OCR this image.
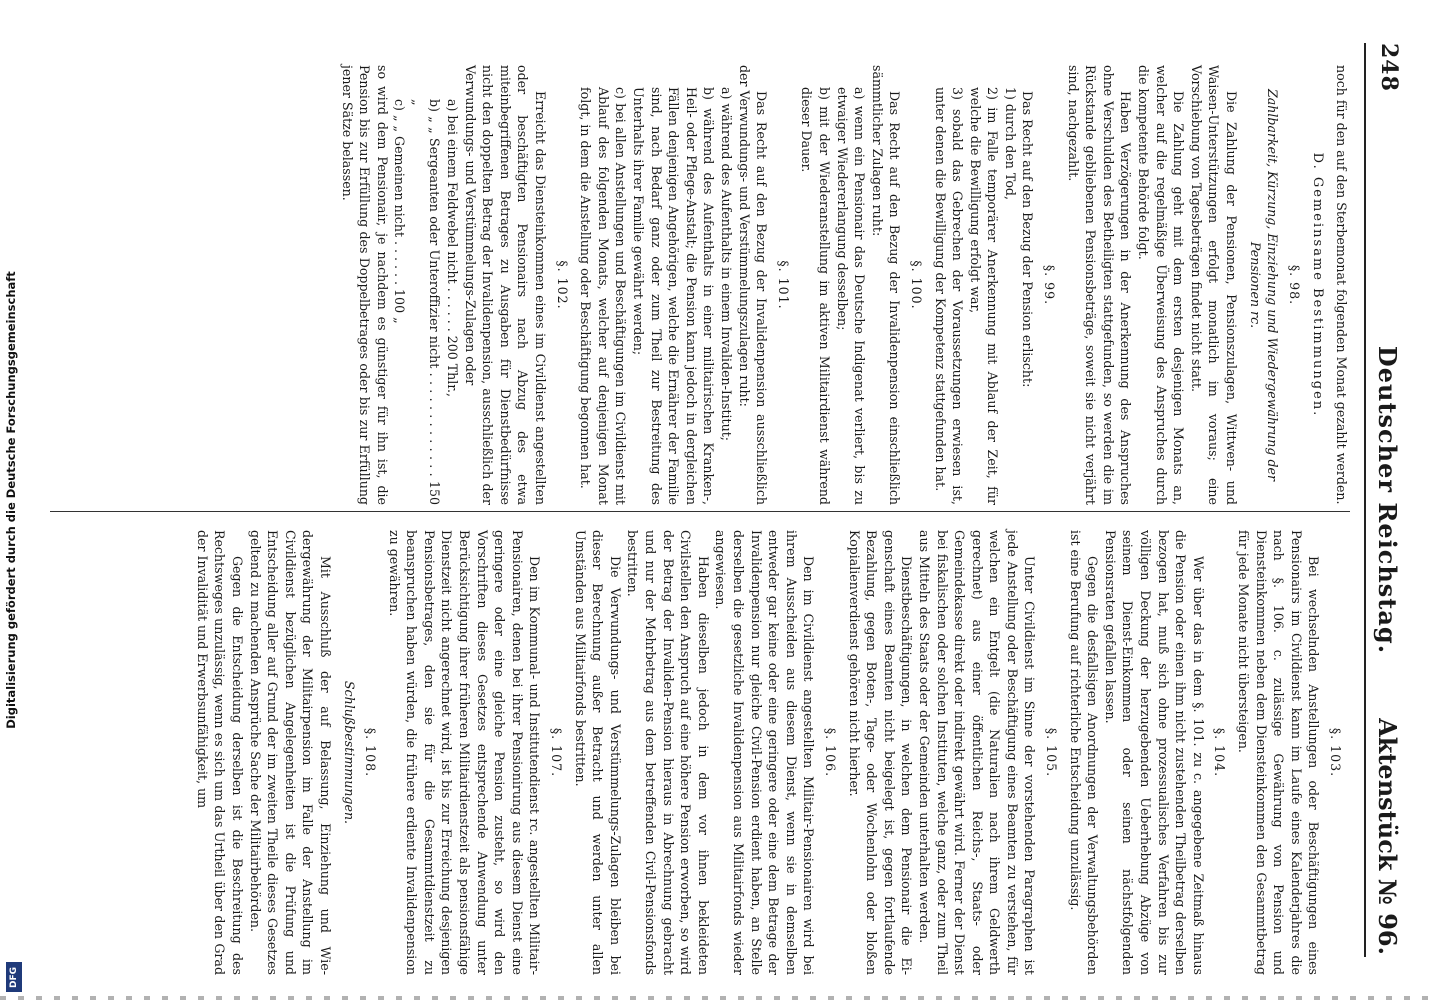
248
Deutscher Reichstag.
Aktenstück № 96.

noch für den auf den Sterbemonat folgenden Monat gezahlt werden.

D. Gemeinsame Bestimmungen.
§. 98.
Zahlbarkeit, Kürzung, Einziehung und Wiedergewährung der Pensionen rc.

Die Zahlung der Pensionen, Pensionszulagen, Wittwen- und Waisen-Unterstützungen erfolgt monatlich im voraus; eine Vorschiebung von Tagesbeträgen findet nicht statt.

Die Zahlung geht mit dem ersten desjenigen Monats an, welcher auf die regelmäßige Überweisung des Anspruches durch die kompetente Behörde folgt.

Haben Verzögerungen in der Anerkennung des Anspruches ohne Verschulden des Betheiligten stattgefunden, so werden die im Rückstande gebliebenen Pensionsbeträge, soweit sie nicht verjährt sind, nachgezahlt.

§. 99.

Das Recht auf den Bezug der Pension erlischt:

1) durch den Tod,

2) im Falle temporärer Anerkennung mit Ablauf der Zeit, für welche die Bewilligung erfolgt war,

3) sobald das Gebrechen der Voraussetzungen erwiesen ist, unter denen die Bewilligung der Kompetenz stattgefunden hat.

§. 100.

Das Recht auf den Bezug der Invalidenpension einschließlich sämmtlicher Zulagen ruht:

a) wenn ein Pensionair das Deutsche Indigenat verliert, bis zu etwaiger Wiedererlangung desselben;

b) mit der Wiederanstellung im aktiven Militairdienst während dieser Dauer.

§. 101.

Das Recht auf den Bezug der Invalidenpension ausschließlich der Verwundungs- und Verstümmelungszulagen ruht:

a) während des Aufenthalts in einem Invaliden-Institut;

b) während des Aufenthalts in einer militairischen Kranken-, Heil- oder Pflege-Anstalt; die Pension kann jedoch in dergleichen Fällen denjenigen Angehörigen, welche die Ernährer der Familie sind, nach Bedarf ganz oder zum Theil zur Bestreitung des Unterhalts ihrer Familie gewährt werden;

c) bei allen Anstellungen und Beschäftigungen im Civildienst mit Ablauf des folgenden Monats, welcher auf denjenigen Monat folgt, in dem die Anstellung oder Beschäftigung begonnen hat.

§. 102.

Erreicht das Diensteinkommen eines im Civildienst angestellten oder beschäftigten Pensionairs nach Abzug des etwa miteinbegriffenen Betrages zu Ausgaben für Dienstbedürfnisse nicht den doppelten Betrag der Invalidenpension, ausschließlich der Verwundungs- und Verstümmelungs-Zulagen oder

a) bei einem Feldwebel nicht . . . . . . 200 Thlr.,

b) „ „ Sergeanten oder Unteroffizier nicht . . . . . . . . . . . . . 150 „

c) „ „ Gemeinen nicht . . . . . . 100 „

so wird dem Pensionair, je nachdem es günstiger für ihn ist, die Pension bis zur Erfüllung des Doppelbetrages oder bis zur Erfüllung jener Sätze belassen.

§. 103.

Bei wechselnden Anstellungen oder Beschäftigungen eines Pensionairs im Civildienst kann im Laufe eines Kalenderjahres die nach §. 106. c. zulässige Gewährung von Pension und Diensteinkommen neben dem Diensteinkommen den Gesammtbetrag für jede Monate nicht übersteigen.

§. 104.

Wer über das in dem §. 101. zu c. angegebene Zeitmaß hinaus die Pension oder einen ihm nicht zustehenden Theilbetrag derselben bezogen hat, muß sich ohne prozessualisches Verfahren bis zur völligen Deckung der herzugebenden Ueberhebung Abzüge von seinem Dienst-Einkommen oder seinen nächstfolgenden Pensionsraten gefallen lassen.

Gegen die desfallsigen Anordnungen der Verwaltungsbehörden ist eine Berufung auf richterliche Entscheidung unzulässig.

§. 105.

Unter Civildienst im Sinne der vorstehenden Paragraphen ist jede Anstellung oder Beschäftigung eines Beamten zu verstehen, für welchen ein Entgelt (die Naturalien nach ihrem Geldwerth gerechnet) aus einer öffentlichen Reichs-, Staats- oder Gemeindekasse direkt oder indirekt gewährt wird. Ferner der Dienst bei fiskalischen oder solchen Instituten, welche ganz, oder zum Theil aus Mitteln des Staats oder der Gemeinden unterhalten werden.

Dienstbeschäftigungen, in welchen dem Pensionair die Eigenschaft eines Beamten nicht beigelegt ist, gegen fortlaufende Bezahlung, gegen Boten-, Tage- oder Wochenlohn oder bloßen Kopialienverdienst gehören nicht hierher.

§. 106.

Den im Civildienst angestellten Militair-Pensionairen wird bei ihrem Ausscheiden aus diesem Dienst, wenn sie in demselben entweder gar keine oder eine geringere oder eine dem Betrage der Invalidenpension nur gleiche Civil-Pension erdient haben, an Stelle derselben die gesetzliche Invalidenpension aus Militairfonds wieder angewiesen.

Haben dieselben jedoch in dem vor ihnen bekleideten Civilstellen den Anspruch auf eine höhere Pension erworben, so wird der Betrag der Invaliden-Pension hieraus in Abrechnung gebracht und nur der Mehrbetrag aus dem betreffenden Civil-Pensionsfonds bestritten.

Die Verwundungs- und Verstümmelungs-Zulagen bleiben bei dieser Berechnung außer Betracht und werden unter allen Umständen aus Militairfonds bestritten.

§. 107.

Den im Kommunal- und Institutendienst rc. angestellten Militair-Pensionairen, denen bei ihrer Pensionirung aus diesem Dienst eine geringere oder eine gleiche Pension zusteht, so wird den Vorschriften dieses Gesetzes entsprechende Anwendung unter Berücksichtigung ihrer früheren Militairdienstzeit als pensionsfähige Dienstzeit nicht angerechnet wird, ist bis zur Erreichung desjenigen Pensionsbetrages, den sie für die Gesammtdienstzeit zu beanspruchen haben würden, die frühere erdiente Invalidenpension zu gewähren.

§. 108.
Schlußbestimmungen.

Mit Ausschluß der auf Belassung, Einziehung und Wiedergewährung der Militairpension im Falle der Anstellung im Civildienst bezüglichen Angelegenheiten ist die Prüfung und Entscheidung aller auf Grund der im zweiten Theile dieses Gesetzes geltend zu machenden Ansprüche Sache der Militairbehörden.

Gegen die Entscheidung derselben ist die Beschreitung des Rechtsweges unzulässig, wenn es sich um das Urtheil über den Grad der Invalidität und Erwerbsunfähigkeit, um

Digitalisierung gefördert durch die Deutsche Forschungsgemeinschaft
DFG
